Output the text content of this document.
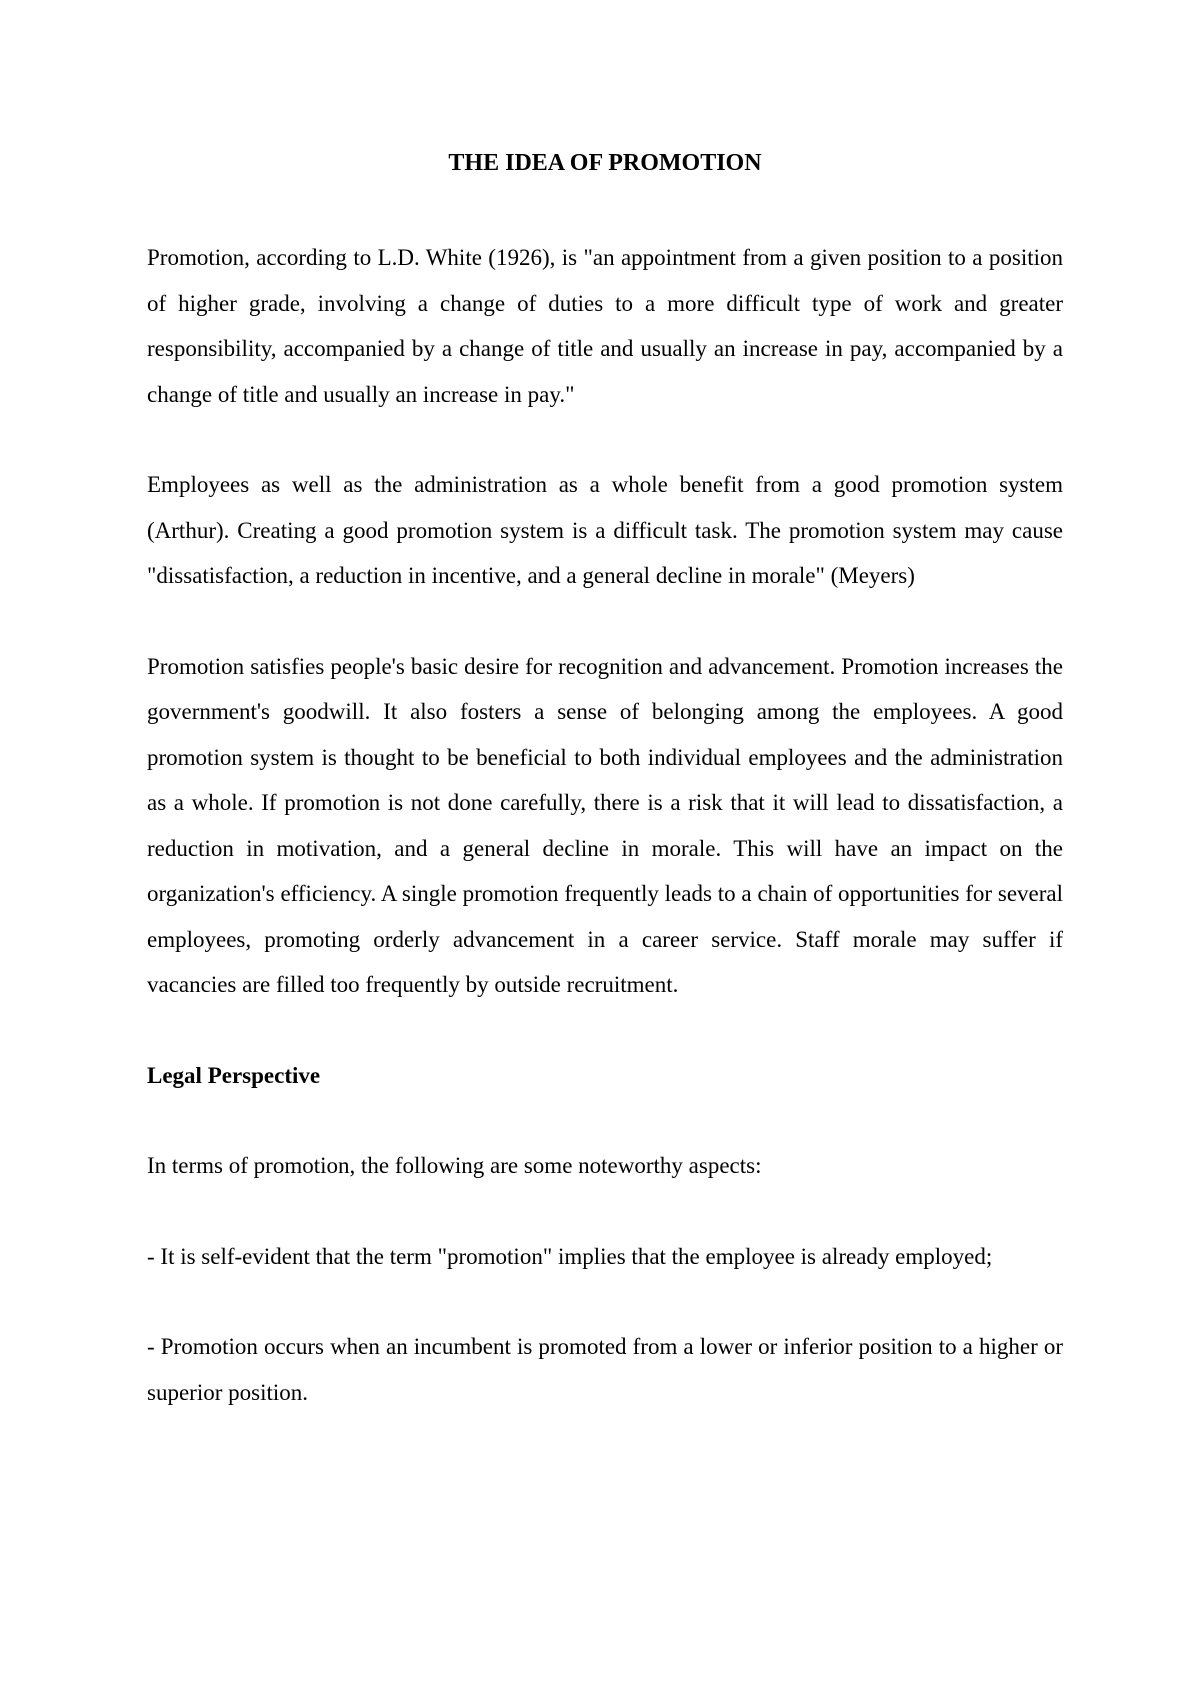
THE IDEA OF PROMOTION

Promotion, according to L.D. White (1926), is "an appointment from a given position to a position of higher grade, involving a change of duties to a more difficult type of work and greater responsibility, accompanied by a change of title and usually an increase in pay, accompanied by a change of title and usually an increase in pay."

Employees as well as the administration as a whole benefit from a good promotion system (Arthur). Creating a good promotion system is a difficult task. The promotion system may cause "dissatisfaction, a reduction in incentive, and a general decline in morale" (Meyers)

Promotion satisfies people's basic desire for recognition and advancement. Promotion increases the government's goodwill. It also fosters a sense of belonging among the employees. A good promotion system is thought to be beneficial to both individual employees and the administration as a whole. If promotion is not done carefully, there is a risk that it will lead to dissatisfaction, a reduction in motivation, and a general decline in morale. This will have an impact on the organization's efficiency. A single promotion frequently leads to a chain of opportunities for several employees, promoting orderly advancement in a career service. Staff morale may suffer if vacancies are filled too frequently by outside recruitment.

Legal Perspective

In terms of promotion, the following are some noteworthy aspects:

- It is self-evident that the term "promotion" implies that the employee is already employed;

- Promotion occurs when an incumbent is promoted from a lower or inferior position to a higher or superior position.
